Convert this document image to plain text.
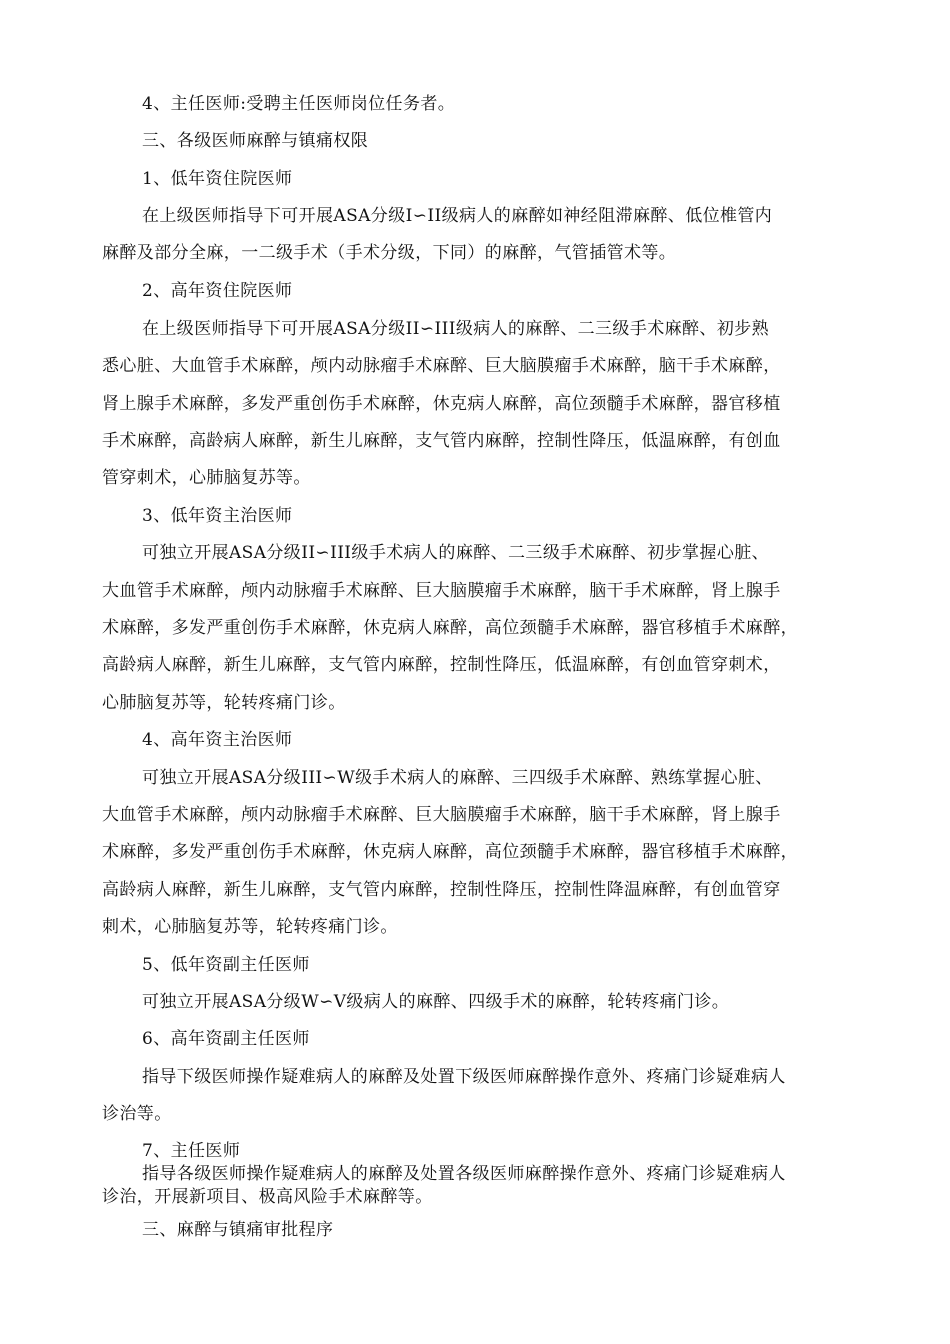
4、主任医师:受聘主任医师岗位任务者。
三、各级医师麻醉与镇痛权限
1、低年资住院医师
在上级医师指导下可开展ASA分级I∽II级病人的麻醉如神经阻滞麻醉、低位椎管内
麻醉及部分全麻，一二级手术（手术分级，下同）的麻醉，气管插管术等。
2、高年资住院医师
在上级医师指导下可开展ASA分级II∽III级病人的麻醉、二三级手术麻醉、初步熟
悉心脏、大血管手术麻醉，颅内动脉瘤手术麻醉、巨大脑膜瘤手术麻醉，脑干手术麻醉，
肾上腺手术麻醉，多发严重创伤手术麻醉，休克病人麻醉，高位颈髓手术麻醉，器官移植
手术麻醉，高龄病人麻醉，新生儿麻醉，支气管内麻醉，控制性降压，低温麻醉，有创血
管穿刺术，心肺脑复苏等。
3、低年资主治医师
可独立开展ASA分级II∽III级手术病人的麻醉、二三级手术麻醉、初步掌握心脏、
大血管手术麻醉，颅内动脉瘤手术麻醉、巨大脑膜瘤手术麻醉，脑干手术麻醉，肾上腺手
术麻醉，多发严重创伤手术麻醉，休克病人麻醉，高位颈髓手术麻醉，器官移植手术麻醉，
高龄病人麻醉，新生儿麻醉，支气管内麻醉，控制性降压，低温麻醉，有创血管穿刺术，
心肺脑复苏等，轮转疼痛门诊。
4、高年资主治医师
可独立开展ASA分级III∽W级手术病人的麻醉、三四级手术麻醉、熟练掌握心脏、
大血管手术麻醉，颅内动脉瘤手术麻醉、巨大脑膜瘤手术麻醉，脑干手术麻醉，肾上腺手
术麻醉，多发严重创伤手术麻醉，休克病人麻醉，高位颈髓手术麻醉，器官移植手术麻醉，
高龄病人麻醉，新生儿麻醉，支气管内麻醉，控制性降压，控制性降温麻醉，有创血管穿
刺术，心肺脑复苏等，轮转疼痛门诊。
5、低年资副主任医师
可独立开展ASA分级W∽V级病人的麻醉、四级手术的麻醉，轮转疼痛门诊。
6、高年资副主任医师
指导下级医师操作疑难病人的麻醉及处置下级医师麻醉操作意外、疼痛门诊疑难病人
诊治等。
7、主任医师
指导各级医师操作疑难病人的麻醉及处置各级医师麻醉操作意外、疼痛门诊疑难病人
诊治，开展新项目、极高风险手术麻醉等。
三、麻醉与镇痛审批程序
